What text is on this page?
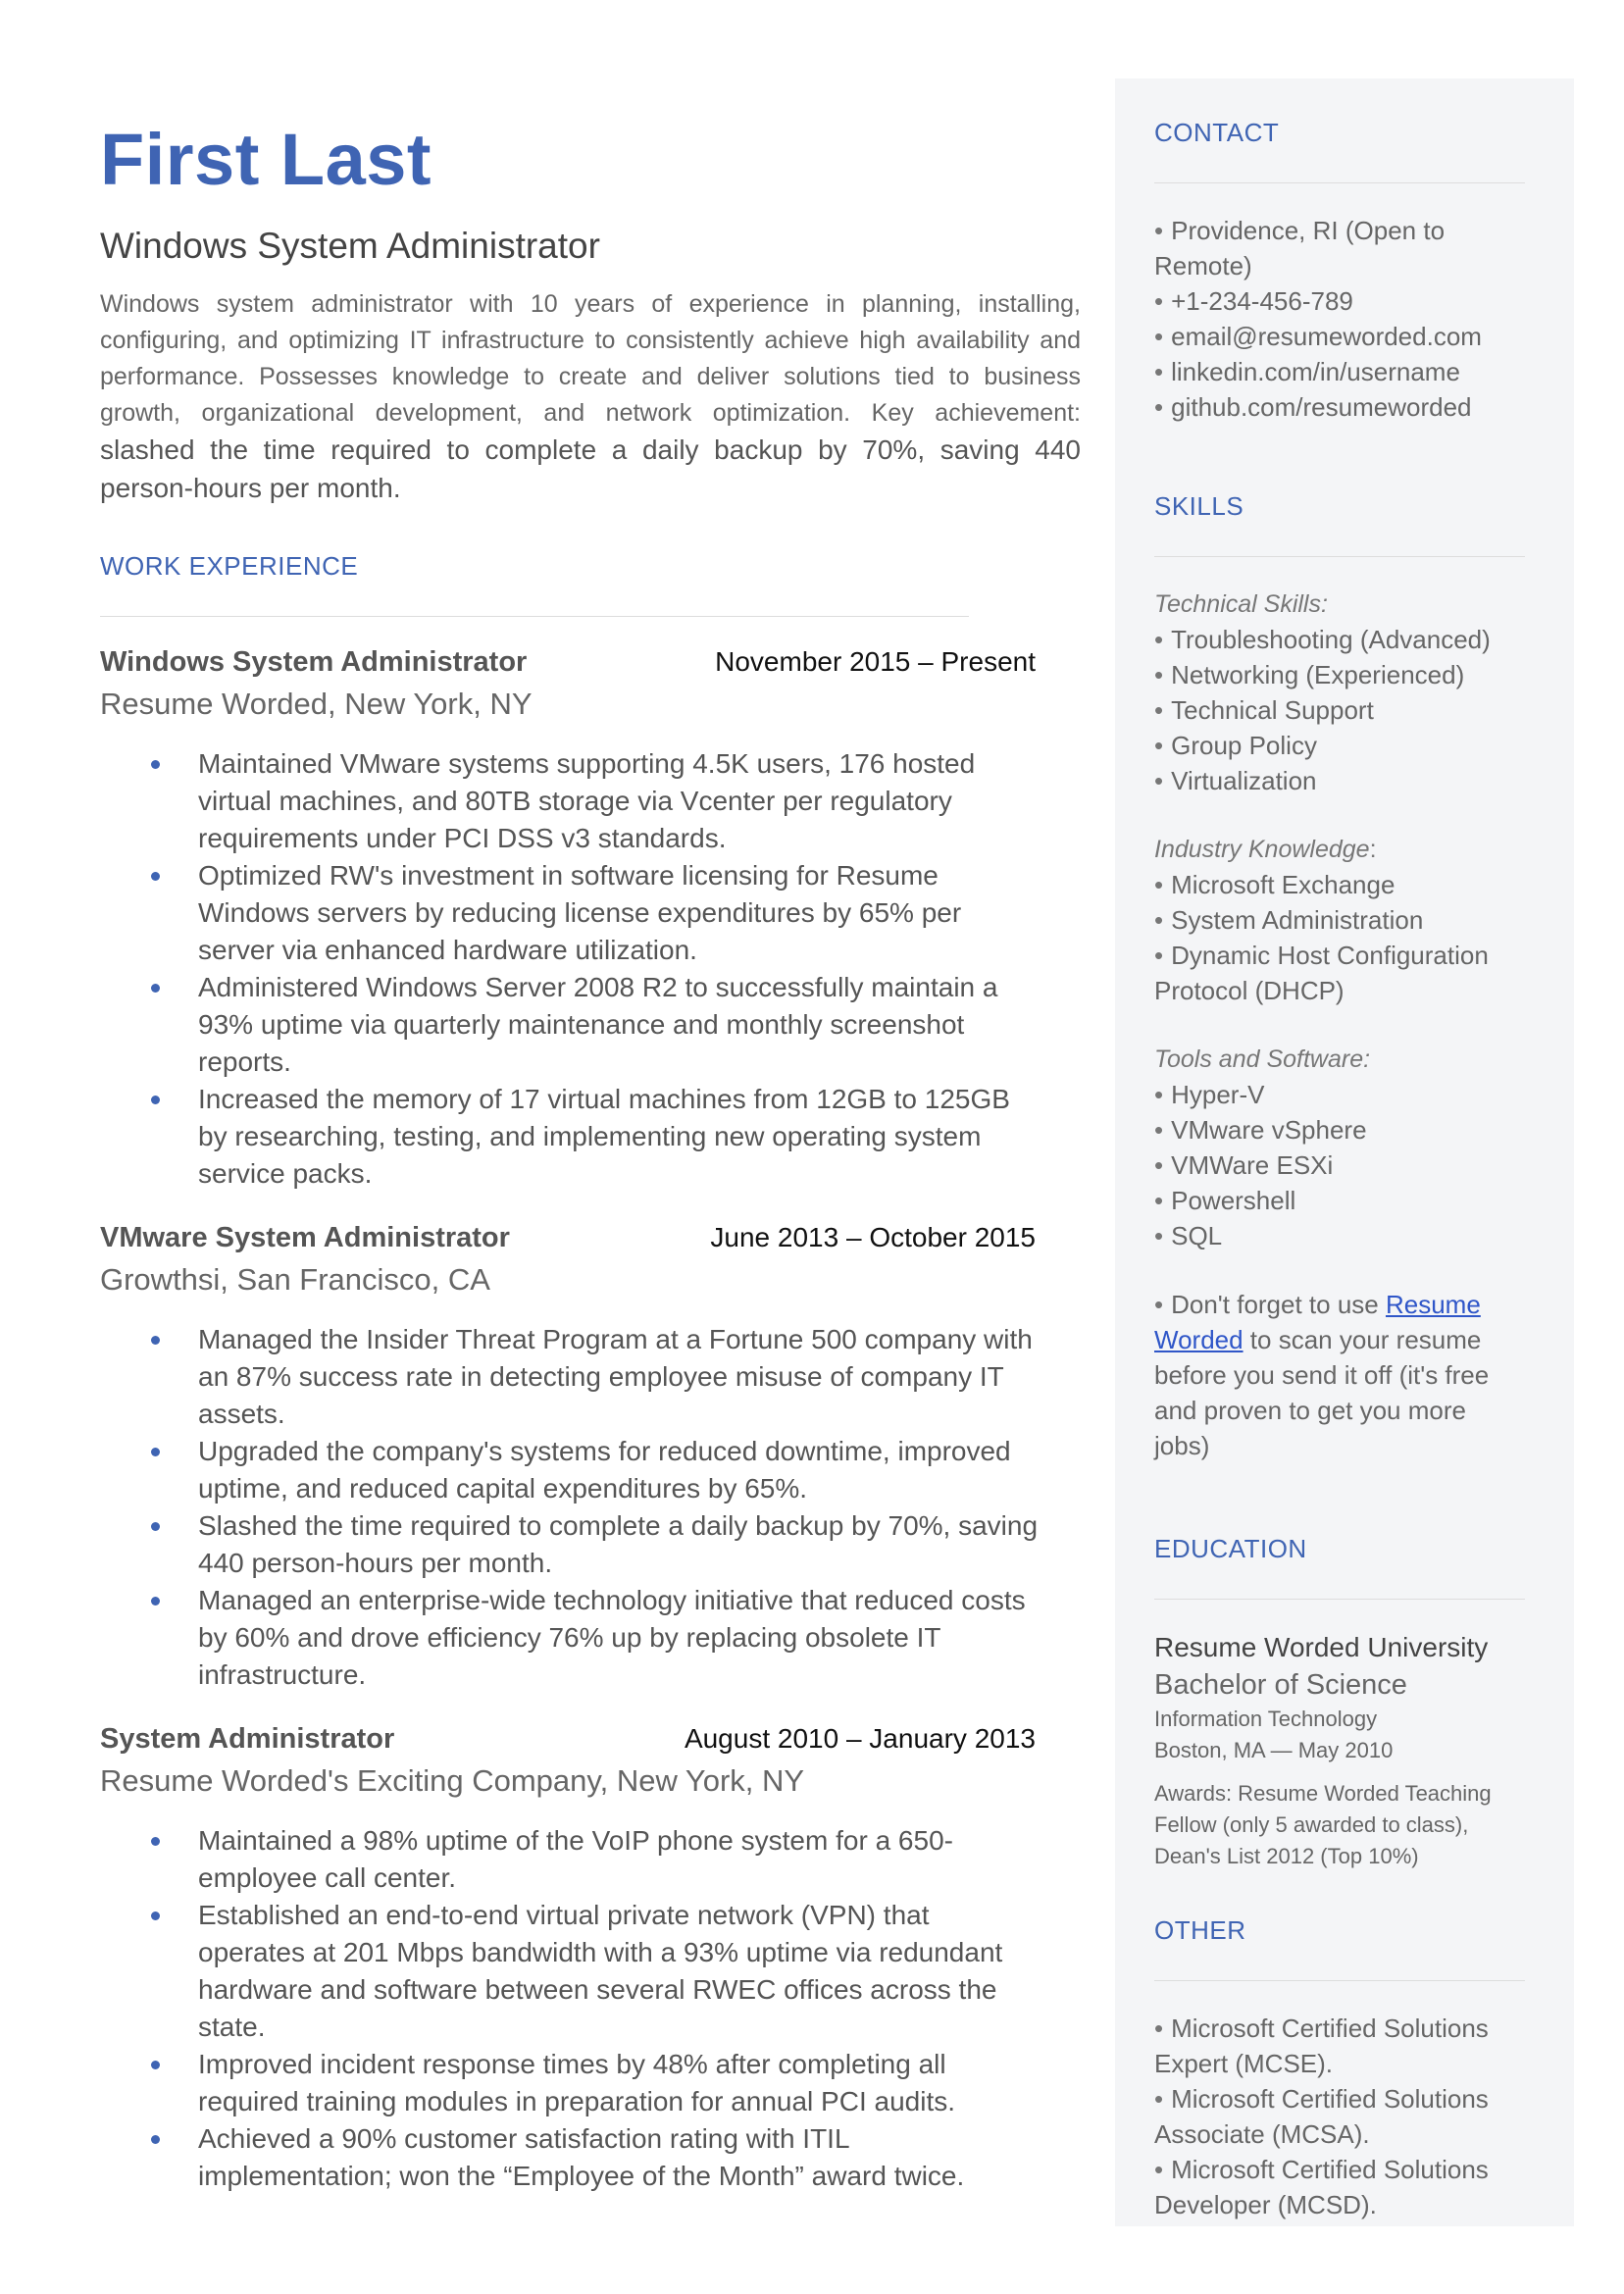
First Last
Windows System Administrator
Windows system administrator with 10 years of experience in planning, installing, configuring, and optimizing IT infrastructure to consistently achieve high availability and performance. Possesses knowledge to create and deliver solutions tied to business growth, organizational development, and network optimization. Key achievement: slashed the time required to complete a daily backup by 70%, saving 440 person-hours per month.
WORK EXPERIENCE
Windows System Administrator	November 2015 – Present
Resume Worded, New York, NY
Maintained VMware systems supporting 4.5K users, 176 hosted virtual machines, and 80TB storage via Vcenter per regulatory requirements under PCI DSS v3 standards.
Optimized RW's investment in software licensing for Resume Windows servers by reducing license expenditures by 65% per server via enhanced hardware utilization.
Administered Windows Server 2008 R2 to successfully maintain a 93% uptime via quarterly maintenance and monthly screenshot reports.
Increased the memory of 17 virtual machines from 12GB to 125GB by researching, testing, and implementing new operating system service packs.
VMware System Administrator	June 2013 – October 2015
Growthsi, San Francisco, CA
Managed the Insider Threat Program at a Fortune 500 company with an 87% success rate in detecting employee misuse of company IT assets.
Upgraded the company's systems for reduced downtime, improved uptime, and reduced capital expenditures by 65%.
Slashed the time required to complete a daily backup by 70%, saving 440 person-hours per month.
Managed an enterprise-wide technology initiative that reduced costs by 60% and drove efficiency 76% up by replacing obsolete IT infrastructure.
System Administrator	August 2010 – January 2013
Resume Worded's Exciting Company, New York, NY
Maintained a 98% uptime of the VoIP phone system for a 650-employee call center.
Established an end-to-end virtual private network (VPN) that operates at 201 Mbps bandwidth with a 93% uptime via redundant hardware and software between several RWEC offices across the state.
Improved incident response times by 48% after completing all required training modules in preparation for annual PCI audits.
Achieved a 90% customer satisfaction rating with ITIL implementation; won the “Employee of the Month” award twice.
CONTACT
• Providence, RI (Open to Remote)
• +1-234-456-789
• email@resumeworded.com
• linkedin.com/in/username
• github.com/resumeworded
SKILLS
Technical Skills:
• Troubleshooting (Advanced)
• Networking (Experienced)
• Technical Support
• Group Policy
• Virtualization
Industry Knowledge:
• Microsoft Exchange
• System Administration
• Dynamic Host Configuration Protocol (DHCP)
Tools and Software:
• Hyper-V
• VMware vSphere
• VMWare ESXi
• Powershell
• SQL
• Don't forget to use Resume Worded to scan your resume before you send it off (it's free and proven to get you more jobs)
EDUCATION
Resume Worded University
Bachelor of Science
Information Technology
Boston, MA — May 2010
Awards: Resume Worded Teaching Fellow (only 5 awarded to class), Dean's List 2012 (Top 10%)
OTHER
• Microsoft Certified Solutions Expert (MCSE).
• Microsoft Certified Solutions Associate (MCSA).
• Microsoft Certified Solutions Developer (MCSD).
